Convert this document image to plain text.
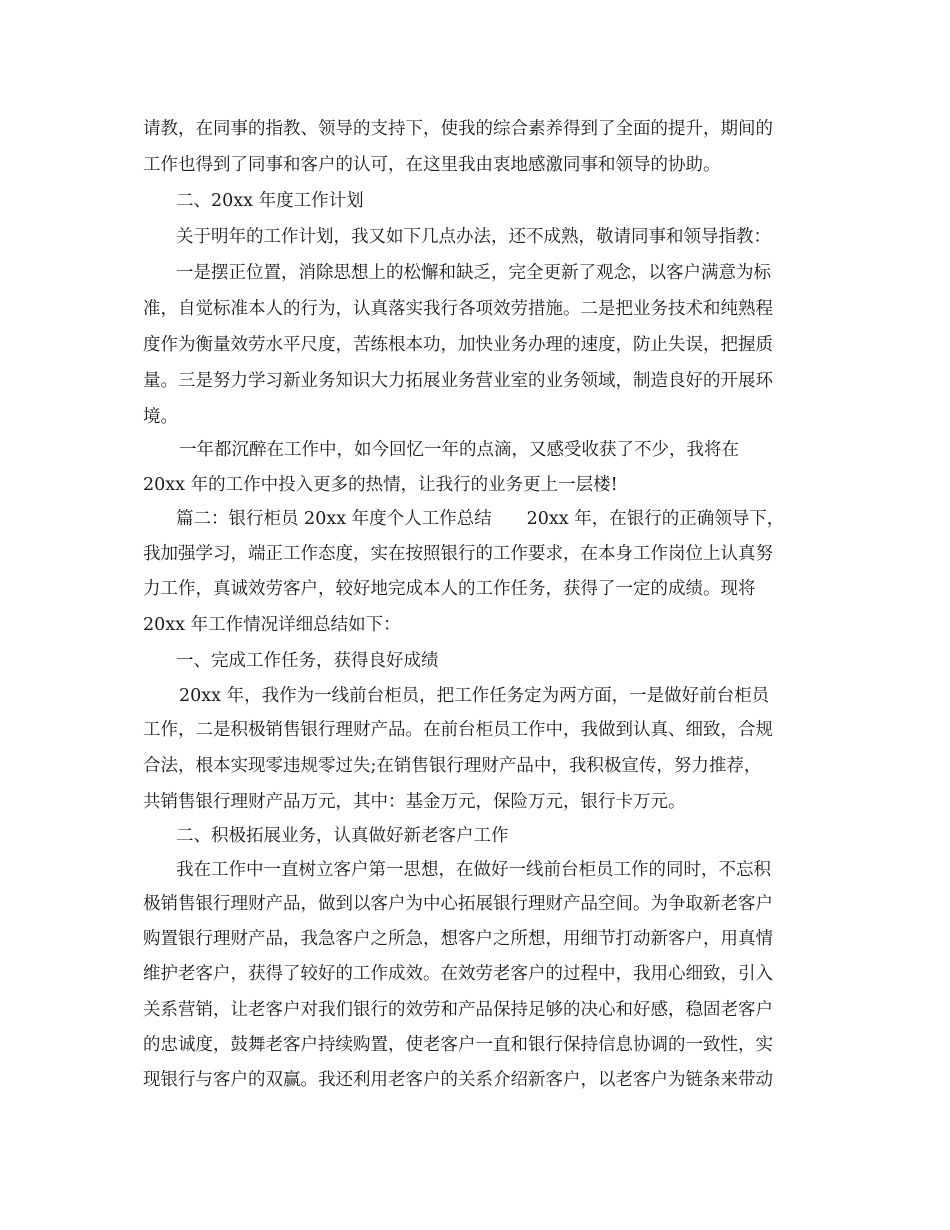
请教，在同事的指教、领导的支持下，使我的综合素养得到了全面的提升，期间的
工作也得到了同事和客户的认可，在这里我由衷地感激同事和领导的协助。
二、20xx 年度工作计划
关于明年的工作计划，我又如下几点办法，还不成熟，敬请同事和领导指教：
一是摆正位置，消除思想上的松懈和缺乏，完全更新了观念，以客户满意为标
准，自觉标准本人的行为，认真落实我行各项效劳措施。二是把业务技术和纯熟程
度作为衡量效劳水平尺度，苦练根本功，加快业务办理的速度，防止失误，把握质
量。三是努力学习新业务知识大力拓展业务营业室的业务领域，制造良好的开展环
境。
一年都沉醉在工作中，如今回忆一年的点滴，又感受收获了不少，我将在
20xx 年的工作中投入更多的热情，让我行的业务更上一层楼!
篇二：银行柜员 20xx 年度个人工作总结　　20xx 年，在银行的正确领导下，
我加强学习，端正工作态度，实在按照银行的工作要求，在本身工作岗位上认真努
力工作，真诚效劳客户，较好地完成本人的工作任务，获得了一定的成绩。现将
20xx 年工作情况详细总结如下：
一、完成工作任务，获得良好成绩
20xx 年，我作为一线前台柜员，把工作任务定为两方面，一是做好前台柜员
工作，二是积极销售银行理财产品。在前台柜员工作中，我做到认真、细致，合规
合法，根本实现零违规零过失;在销售银行理财产品中，我积极宣传，努力推荐，
共销售银行理财产品万元，其中：基金万元，保险万元，银行卡万元。
二、积极拓展业务，认真做好新老客户工作
我在工作中一直树立客户第一思想，在做好一线前台柜员工作的同时，不忘积
极销售银行理财产品，做到以客户为中心拓展银行理财产品空间。为争取新老客户
购置银行理财产品，我急客户之所急，想客户之所想，用细节打动新客户，用真情
维护老客户，获得了较好的工作成效。在效劳老客户的过程中，我用心细致，引入
关系营销，让老客户对我们银行的效劳和产品保持足够的决心和好感，稳固老客户
的忠诚度，鼓舞老客户持续购置，使老客户一直和银行保持信息协调的一致性，实
现银行与客户的双赢。我还利用老客户的关系介绍新客户，以老客户为链条来带动
